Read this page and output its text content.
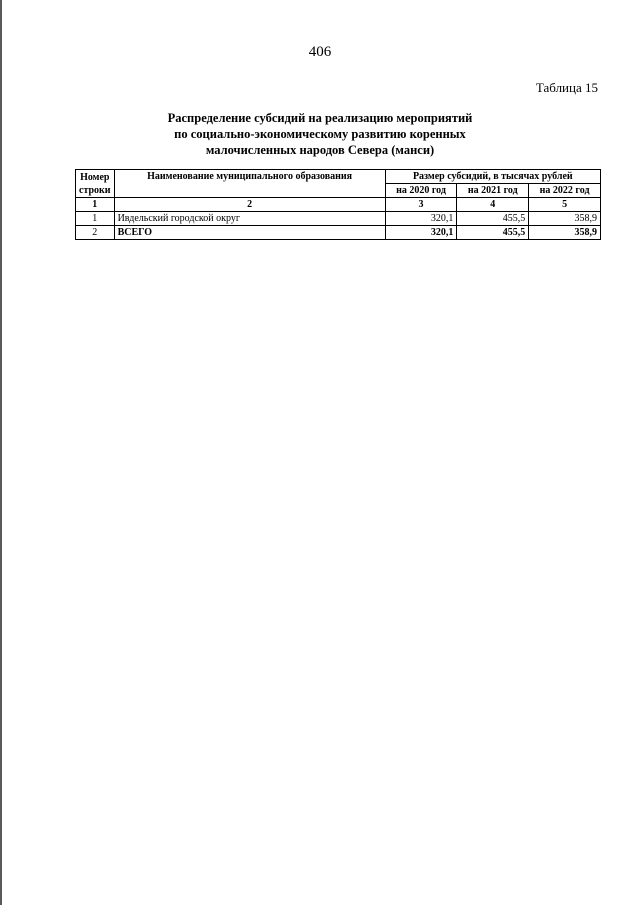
406
Таблица 15
Распределение субсидий на реализацию мероприятий
по социально-экономическому развитию коренных
малочисленных народов Севера (манси)
Номер строки	Наименование муниципального образования	Размер субсидий, в тысячах рублей		
		на 2020 год	на 2021 год	на 2022 год
1	2	3	4	5
1	Ивдельский городской округ	320,1	455,5	358,9
2	ВСЕГО	320,1	455,5	358,9
